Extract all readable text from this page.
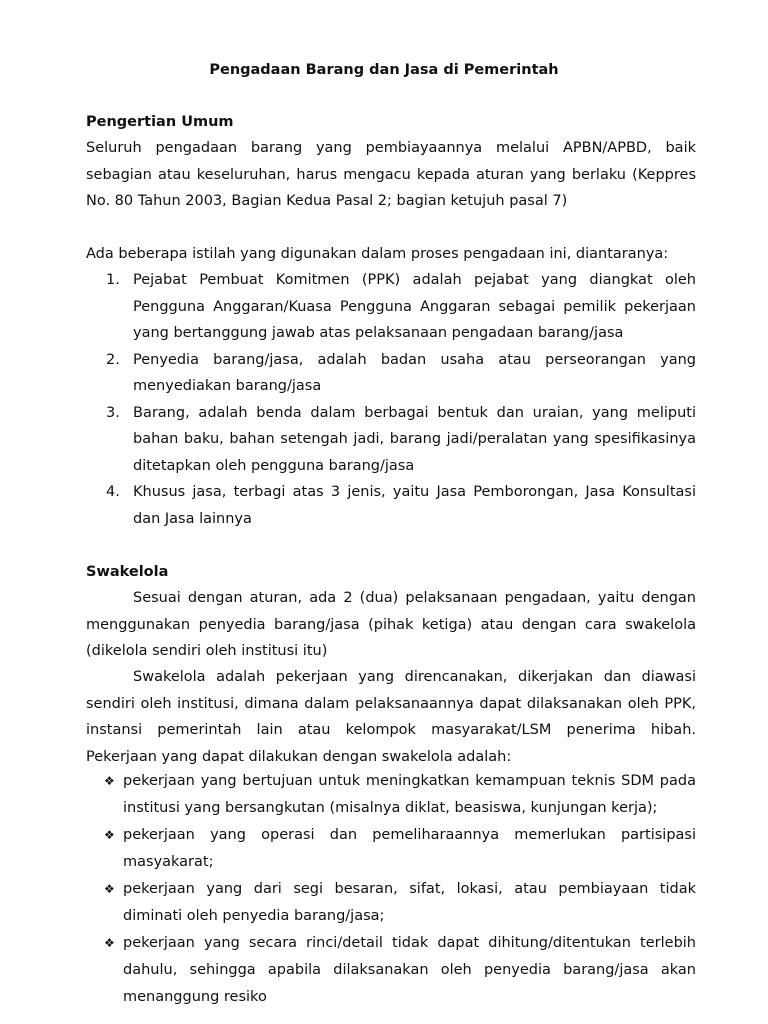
Pengadaan Barang dan Jasa di Pemerintah
Pengertian Umum

Seluruh pengadaan barang yang pembiayaannya melalui APBN/APBD, baik sebagian atau keseluruhan, harus mengacu kepada aturan yang berlaku (Keppres No. 80 Tahun 2003, Bagian Kedua Pasal 2; bagian ketujuh pasal 7)

Ada beberapa istilah yang digunakan dalam proses pengadaan ini, diantaranya:

1. Pejabat Pembuat Komitmen (PPK) adalah pejabat yang diangkat oleh Pengguna Anggaran/Kuasa Pengguna Anggaran sebagai pemilik pekerjaan yang bertanggung jawab atas pelaksanaan pengadaan barang/jasa
2. Penyedia barang/jasa, adalah badan usaha atau perseorangan yang menyediakan barang/jasa
3. Barang, adalah benda dalam berbagai bentuk dan uraian, yang meliputi bahan baku, bahan setengah jadi, barang jadi/peralatan yang spesifikasinya ditetapkan oleh pengguna barang/jasa
4. Khusus jasa, terbagi atas 3 jenis, yaitu Jasa Pemborongan, Jasa Konsultasi dan Jasa lainnya
Swakelola

Sesuai dengan aturan, ada 2 (dua) pelaksanaan pengadaan, yaitu dengan menggunakan penyedia barang/jasa (pihak ketiga) atau dengan cara swakelola (dikelola sendiri oleh institusi itu)

Swakelola adalah pekerjaan yang direncanakan, dikerjakan dan diawasi sendiri oleh institusi, dimana dalam pelaksanaannya dapat dilaksanakan oleh PPK, instansi pemerintah lain atau kelompok masyarakat/LSM penerima hibah. Pekerjaan yang dapat dilakukan dengan swakelola adalah:

❖ pekerjaan yang bertujuan untuk meningkatkan kemampuan teknis SDM pada institusi yang bersangkutan (misalnya diklat, beasiswa, kunjungan kerja);
❖ pekerjaan yang operasi dan pemeliharaannya memerlukan partisipasi masyakarat;
❖ pekerjaan yang dari segi besaran, sifat, lokasi, atau pembiayaan tidak diminati oleh penyedia barang/jasa;
❖ pekerjaan yang secara rinci/detail tidak dapat dihitung/ditentukan terlebih dahulu, sehingga apabila dilaksanakan oleh penyedia barang/jasa akan menanggung resiko
